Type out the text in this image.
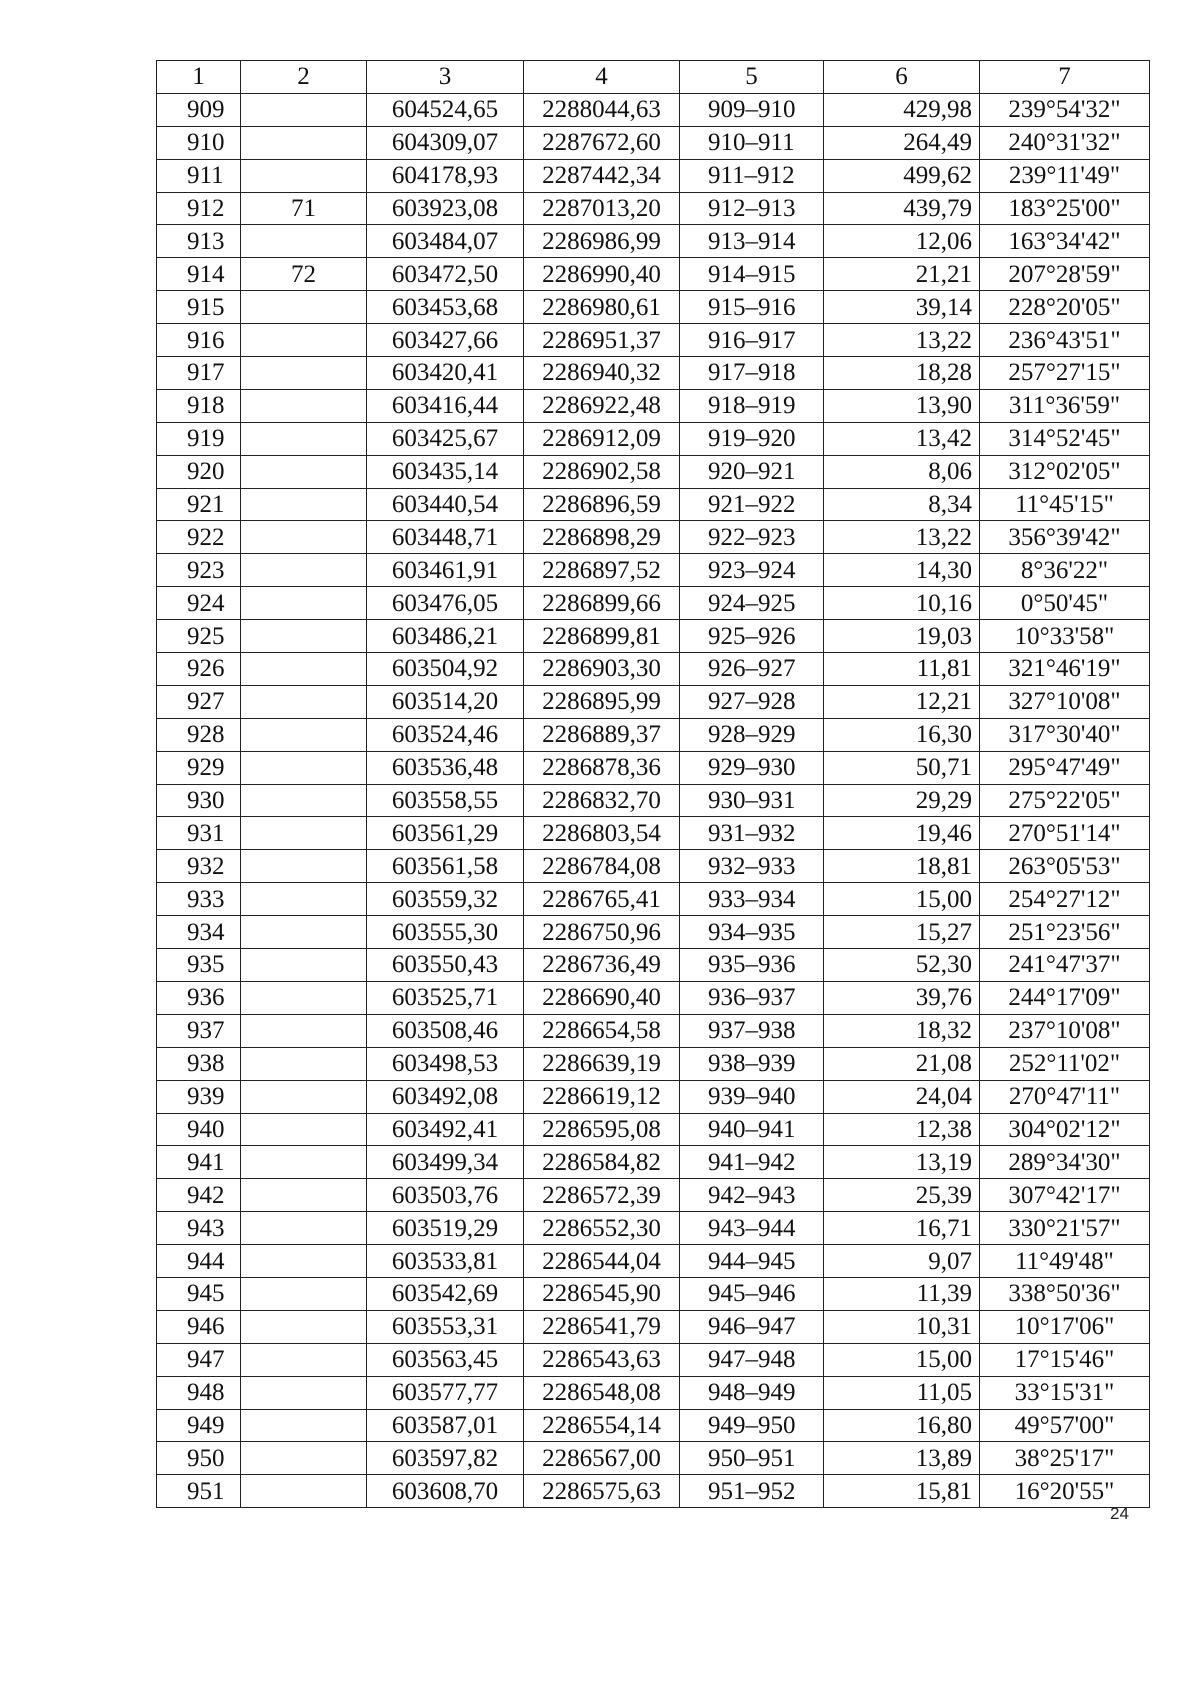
1	2	3	4	5	6	7
909		604524,65	2288044,63	909–910	429,98	239°54'32"
910		604309,07	2287672,60	910–911	264,49	240°31'32"
911		604178,93	2287442,34	911–912	499,62	239°11'49"
912	71	603923,08	2287013,20	912–913	439,79	183°25'00"
913		603484,07	2286986,99	913–914	12,06	163°34'42"
914	72	603472,50	2286990,40	914–915	21,21	207°28'59"
915		603453,68	2286980,61	915–916	39,14	228°20'05"
916		603427,66	2286951,37	916–917	13,22	236°43'51"
917		603420,41	2286940,32	917–918	18,28	257°27'15"
918		603416,44	2286922,48	918–919	13,90	311°36'59"
919		603425,67	2286912,09	919–920	13,42	314°52'45"
920		603435,14	2286902,58	920–921	8,06	312°02'05"
921		603440,54	2286896,59	921–922	8,34	11°45'15"
922		603448,71	2286898,29	922–923	13,22	356°39'42"
923		603461,91	2286897,52	923–924	14,30	8°36'22"
924		603476,05	2286899,66	924–925	10,16	0°50'45"
925		603486,21	2286899,81	925–926	19,03	10°33'58"
926		603504,92	2286903,30	926–927	11,81	321°46'19"
927		603514,20	2286895,99	927–928	12,21	327°10'08"
928		603524,46	2286889,37	928–929	16,30	317°30'40"
929		603536,48	2286878,36	929–930	50,71	295°47'49"
930		603558,55	2286832,70	930–931	29,29	275°22'05"
931		603561,29	2286803,54	931–932	19,46	270°51'14"
932		603561,58	2286784,08	932–933	18,81	263°05'53"
933		603559,32	2286765,41	933–934	15,00	254°27'12"
934		603555,30	2286750,96	934–935	15,27	251°23'56"
935		603550,43	2286736,49	935–936	52,30	241°47'37"
936		603525,71	2286690,40	936–937	39,76	244°17'09"
937		603508,46	2286654,58	937–938	18,32	237°10'08"
938		603498,53	2286639,19	938–939	21,08	252°11'02"
939		603492,08	2286619,12	939–940	24,04	270°47'11"
940		603492,41	2286595,08	940–941	12,38	304°02'12"
941		603499,34	2286584,82	941–942	13,19	289°34'30"
942		603503,76	2286572,39	942–943	25,39	307°42'17"
943		603519,29	2286552,30	943–944	16,71	330°21'57"
944		603533,81	2286544,04	944–945	9,07	11°49'48"
945		603542,69	2286545,90	945–946	11,39	338°50'36"
946		603553,31	2286541,79	946–947	10,31	10°17'06"
947		603563,45	2286543,63	947–948	15,00	17°15'46"
948		603577,77	2286548,08	948–949	11,05	33°15'31"
949		603587,01	2286554,14	949–950	16,80	49°57'00"
950		603597,82	2286567,00	950–951	13,89	38°25'17"
951		603608,70	2286575,63	951–952	15,81	16°20'55"
24
